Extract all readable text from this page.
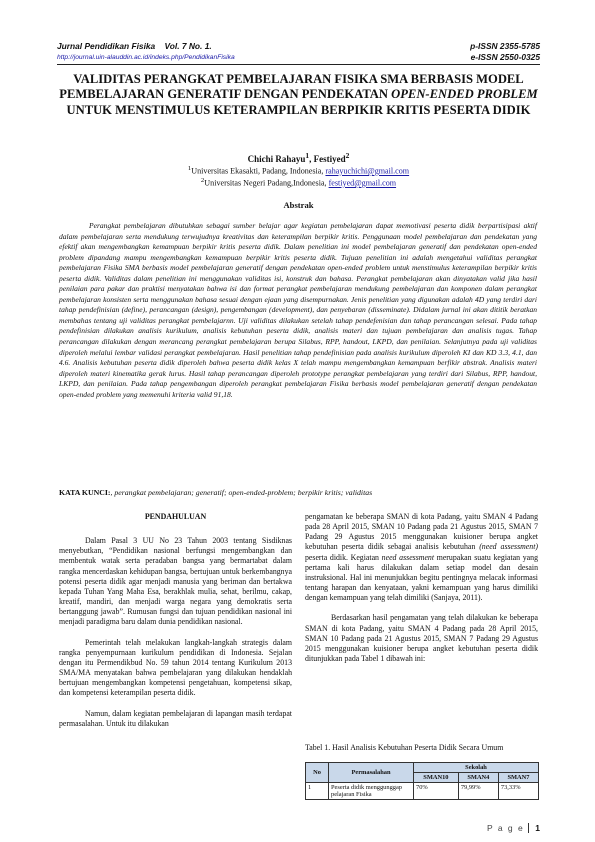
Jurnal Pendidikan Fisika Vol. 7 No. 1.
http://journal.uin-alauddin.ac.id/indeks.php/PendidikanFisika
p-ISSN 2355-5785
e-ISSN 2550-0325
VALIDITAS PERANGKAT PEMBELAJARAN FISIKA SMA BERBASIS MODEL PEMBELAJARAN GENERATIF DENGAN PENDEKATAN OPEN-ENDED PROBLEM UNTUK MENSTIMULUS KETERAMPILAN BERPIKIR KRITIS PESERTA DIDIK
Chichi Rahayu$^1$, Festiyed$^2$
$^1$Universitas Ekasakti, Padang, Indonesia, rahayuchichi@gmail.com
$^2$Universitas Negeri Padang,Indonesia, festiyed@gmail.com
Abstrak

Perangkat pembelajaran dibutuhkan sebagai sumber belajar agar kegiatan pembelajaran dapat memotivasi peserta didik berpartisipasi aktif dalam pembelajaran serta mendukung terwujudnya kreativitas dan keterampilan berpikir kritis. Penggunaan model pembelajaran dan pendekatan yang efektif akan mengembangkan kemampuan berpikir kritis peserta didik. Dalam penelitian ini model pembelajaran generatif dan pendekatan open-ended problem dipandang mampu mengembangkan kemampuan berpikir kritis peserta didik. Tujuan penelitian ini adalah mengetahui validitas perangkat pembelajaran Fisika SMA berbasis model pembelajaran generatif dengan pendekatan open-ended problem untuk menstimulus keterampilan berpikir kritis peserta didik. Validitas dalam penelitian ini menggunakan validitas isi, konstruk dan bahasa. Perangkat pembelajaran akan dinyatakan valid jika hasil penilaian para pakar dan praktisi menyatakan bahwa isi dan format perangkat pembelajaran mendukung pembelajaran dan komponen dalam perangkat pembelajaran konsisten serta menggunakan bahasa sesuai dengan ejaan yang disempurnakan. Jenis penelitian yang digunakan adalah 4D yang terdiri dari tahap pendefinisian (define), perancangan (design), pengembangan (development), dan penyebaran (disseminate). Didalam jurnal ini akan dititik beratkan membahas tentang uji validitas perangkat pembelajarnn. Uji validitas dilakukan setelah tahap pendefenisian dan tahap perancangan selesai. Pada tahap pendefinisian dilakukan analisis kurikulum, analisis kebutuhan peserta didik, analisis materi dan tujuan pembelajaran dan analisis tugas. Tahap perancangan dilakukan dengan merancang perangkat pembelajaran berupa Silabus, RPP, handout, LKPD, dan penilaian. Selanjutnya pada uji validitas diperoleh melalui lembar validasi perangkat pembelajaran. Hasil penelitian tahap pendefinisian pada analisis kurikulum diperoleh KI dan KD 3.3, 4.1, dan 4.6. Analisis kebutuhan peserta didik diperoleh bahwa peserta didik kelas X telah mampu mengembangkan kemampuan berfikir abstrak. Analisis materi diperoleh materi kinematika gerak lurus. Hasil tahap perancangan diperoleh prototype perangkat pembelajaran yang terdiri dari Silabus, RPP, handout, LKPD, dan penilaian. Pada tahap pengembangan diperoleh perangkat pembelajaran Fisika berbasis model pembelajaran generatif dengan pendekatan open-ended problem yang memenuhi kriteria valid 91,18.

KATA KUNCI:, perangkat pembelajaran; generatif; open-ended-problem; berpikir kritis; validitas
PENDAHULUAN

Dalam Pasal 3 UU No 23 Tahun 2003 tentang Sisdiknas menyebutkan, “Pendidikan nasional berfungsi mengembangkan dan membentuk watak serta peradaban bangsa yang bermartabat dalam rangka mencerdaskan kehidupan bangsa, bertujuan untuk berkembangnya potensi peserta didik agar menjadi manusia yang beriman dan bertakwa kepada Tuhan Yang Maha Esa, berakhlak mulia, sehat, berilmu, cakap, kreatif, mandiri, dan menjadi warga negara yang demokratis serta bertanggung jawab”. Rumusan fungsi dan tujuan pendidikan nasional ini menjadi paradigma baru dalam dunia pendidikan nasional.

Pemerintah telah melakukan langkah-langkah strategis dalam rangka penyempurnaan kurikulum pendidikan di Indonesia. Sejalan dengan itu Permendikbud No. 59 tahun 2014 tentang Kurikulum 2013 SMA/MA menyatakan bahwa pembelajaran yang dilakukan hendaklah bertujuan mengembangkan kompetensi pengetahuan, kompetensi sikap, dan kompetensi keterampilan peserta didik.

Namun, dalam kegiatan pembelajaran di lapangan masih terdapat permasalahan. Untuk itu dilakukan

pengamatan ke beberapa SMAN di kota Padang, yaitu SMAN 4 Padang pada 28 April 2015, SMAN 10 Padang pada 21 Agustus 2015, SMAN 7 Padang 29 Agustus 2015 menggunakan kuisioner berupa angket kebutuhan peserta didik sebagai analisis kebutuhan (need assessment) peserta didik. Kegiatan need assessment merupakan suatu kegiatan yang pertama kali harus dilakukan dalam setiap model dan desain instruksional. Hal ini menunjukkan begitu pentingnya melacak informasi tentang harapan dan kenyataan, yakni kemampuan yang harus dimiliki dengan kemampuan yang telah dimiliki (Sanjaya, 2011).

Berdasarkan hasil pengamatan yang telah dilakukan ke beberapa SMAN di kota Padang, yaitu SMAN 4 Padang pada 28 April 2015, SMAN 10 Padang pada 21 Agustus 2015, SMAN 7 Padang 29 Agustus 2015 menggunakan kuisioner berupa angket kebutuhan peserta didik ditunjukkan pada Tabel 1 dibawah ini:

Tabel 1. Hasil Analisis Kebutuhan Peserta Didik Secara Umum
No	Permasalahan	Sekolah		
		SMAN10	SMAN4	SMAN7
1	Peserta didik menggunggap pelajaran Fisika	70%	79,99%	73,33%
P a g e 1
